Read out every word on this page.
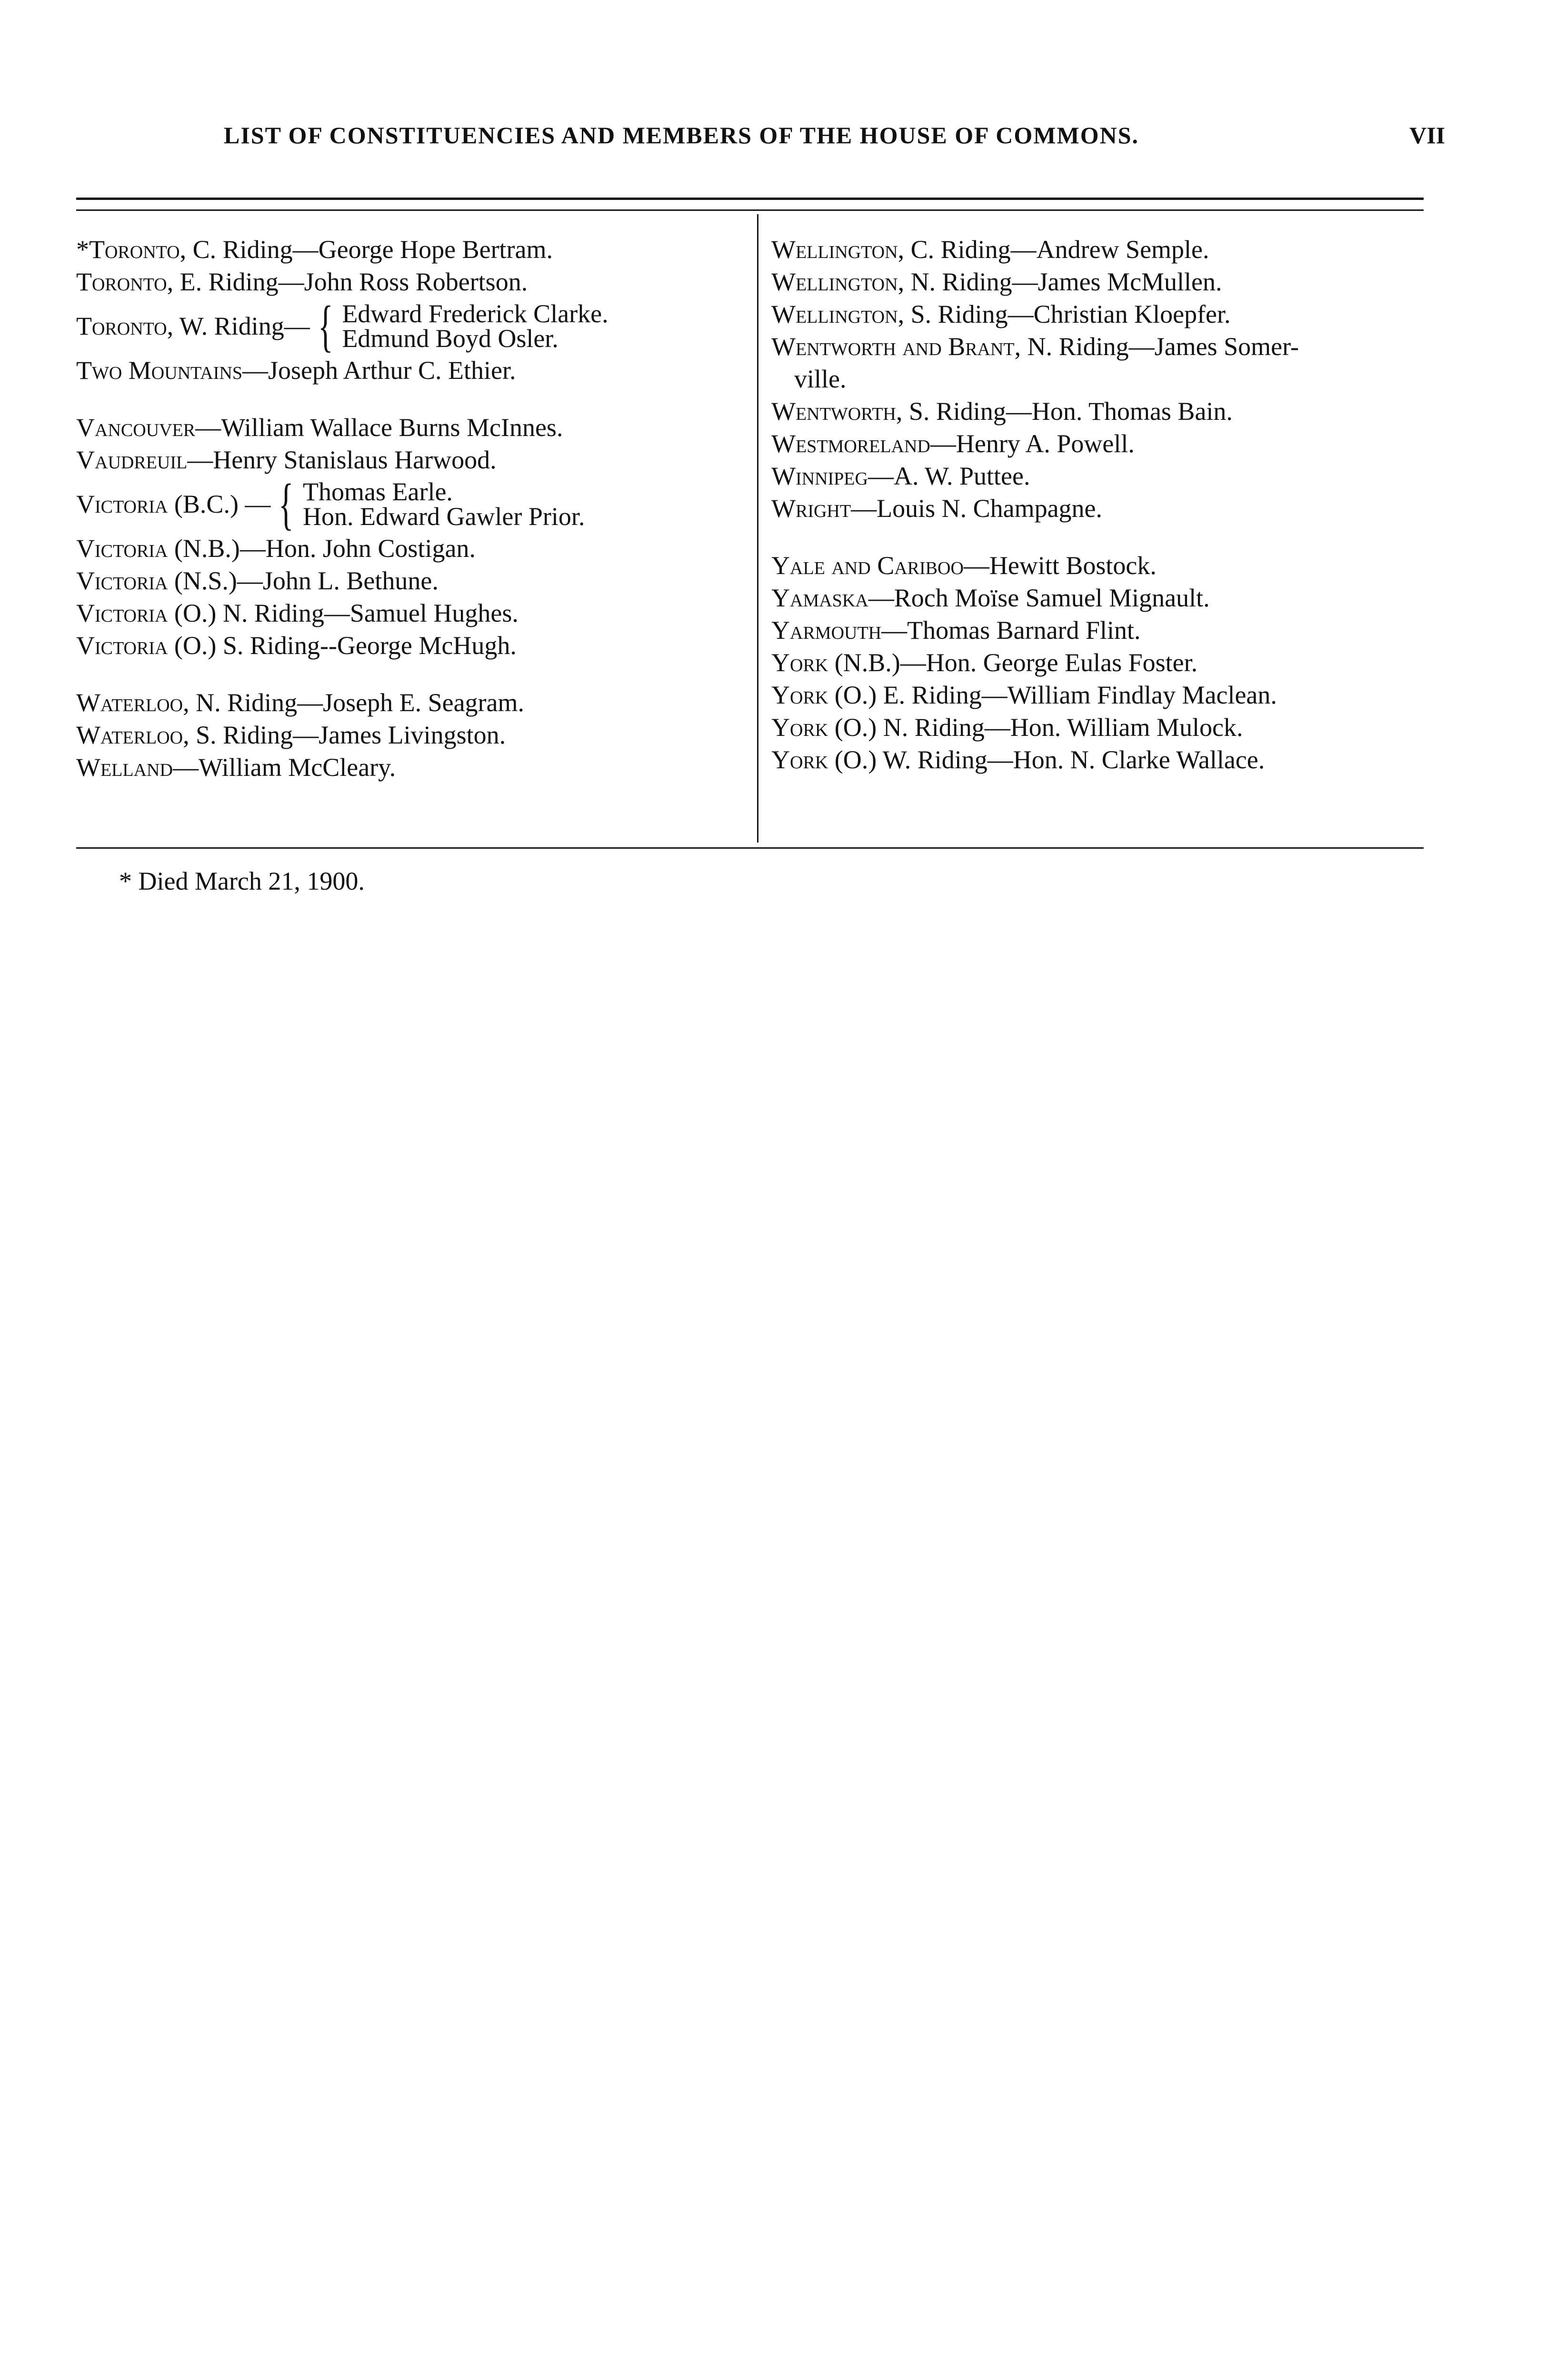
LIST OF CONSTITUENCIES AND MEMBERS OF THE HOUSE OF COMMONS.	VII
*Toronto, C. Riding—George Hope Bertram.
Toronto, E. Riding—John Ross Robertson.
Toronto, W. Riding— { Edward Frederick Clarke.
Edmund Boyd Osler.
Two Mountains—Joseph Arthur C. Ethier.
Vancouver—William Wallace Burns McInnes.
Vaudreuil—Henry Stanislaus Harwood.
Victoria (B.C.) — { Thomas Earle.
Hon. Edward Gawler Prior.
Victoria (N.B.)—Hon. John Costigan.
Victoria (N.S.)—John L. Bethune.
Victoria (O.) N. Riding—Samuel Hughes.
Victoria (O.) S. Riding--George McHugh.
Waterloo, N. Riding—Joseph E. Seagram.
Waterloo, S. Riding—James Livingston.
Welland—William McCleary.
Wellington, C. Riding—Andrew Semple.
Wellington, N. Riding—James McMullen.
Wellington, S. Riding—Christian Kloepfer.
Wentworth and Brant, N. Riding—James Somer-
ville.
Wentworth, S. Riding—Hon. Thomas Bain.
Westmoreland—Henry A. Powell.
Winnipeg—A. W. Puttee.
Wright—Louis N. Champagne.
Yale and Cariboo—Hewitt Bostock.
Yamaska—Roch Moïse Samuel Mignault.
Yarmouth—Thomas Barnard Flint.
York (N.B.)—Hon. George Eulas Foster.
York (O.) E. Riding—William Findlay Maclean.
York (O.) N. Riding—Hon. William Mulock.
York (O.) W. Riding—Hon. N. Clarke Wallace.
* Died March 21, 1900.
